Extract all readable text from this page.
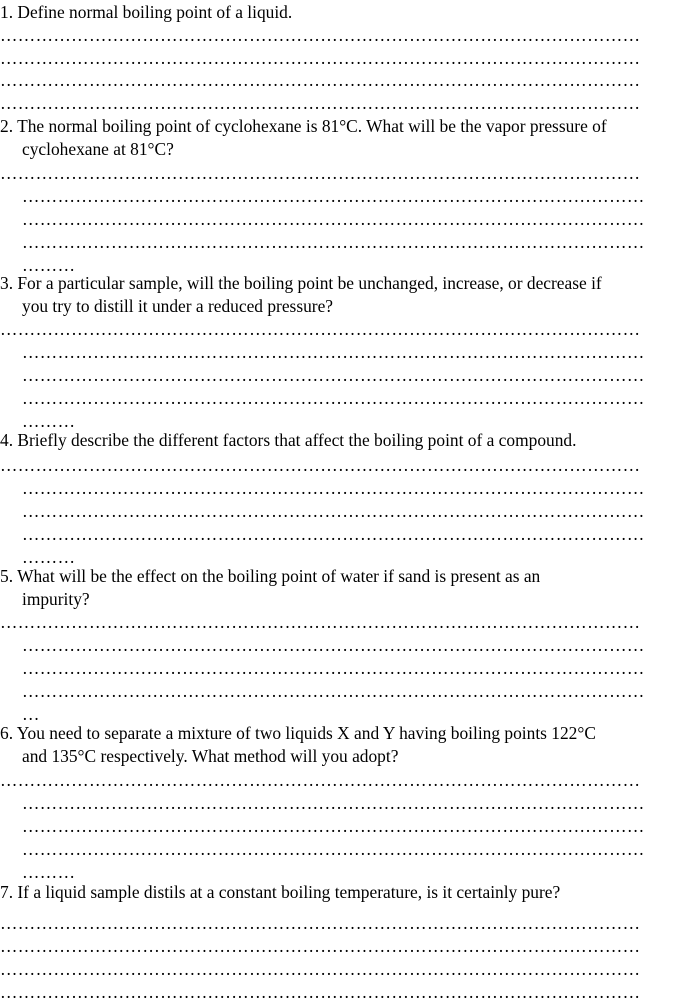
1. Define normal boiling point of a liquid.
………………………………………………………………………………………………
………………………………………………………………………………………………
………………………………………………………………………………………………
………………………………………………………………………………………………
2. The normal boiling point of cyclohexane is 81°C. What will be the vapor pressure of
cyclohexane at 81°C?
………………………………………………………………………………………………
……………………………………………………………………………………………
……………………………………………………………………………………………
……………………………………………………………………………………………
………
3. For a particular sample, will the boiling point be unchanged, increase, or decrease if
you try to distill it under a reduced pressure?
………………………………………………………………………………………………
……………………………………………………………………………………………
……………………………………………………………………………………………
……………………………………………………………………………………………
………
4. Briefly describe the different factors that affect the boiling point of a compound.
………………………………………………………………………………………………
……………………………………………………………………………………………
……………………………………………………………………………………………
……………………………………………………………………………………………
………
5. What will be the effect on the boiling point of water if sand is present as an
impurity?
………………………………………………………………………………………………
……………………………………………………………………………………………
……………………………………………………………………………………………
……………………………………………………………………………………………
…
6. You need to separate a mixture of two liquids X and Y having boiling points 122°C
and 135°C respectively. What method will you adopt?
………………………………………………………………………………………………
……………………………………………………………………………………………
……………………………………………………………………………………………
……………………………………………………………………………………………
………
7. If a liquid sample distils at a constant boiling temperature, is it certainly pure?
………………………………………………………………………………………………
………………………………………………………………………………………………
………………………………………………………………………………………………
………………………………………………………………………………………………
